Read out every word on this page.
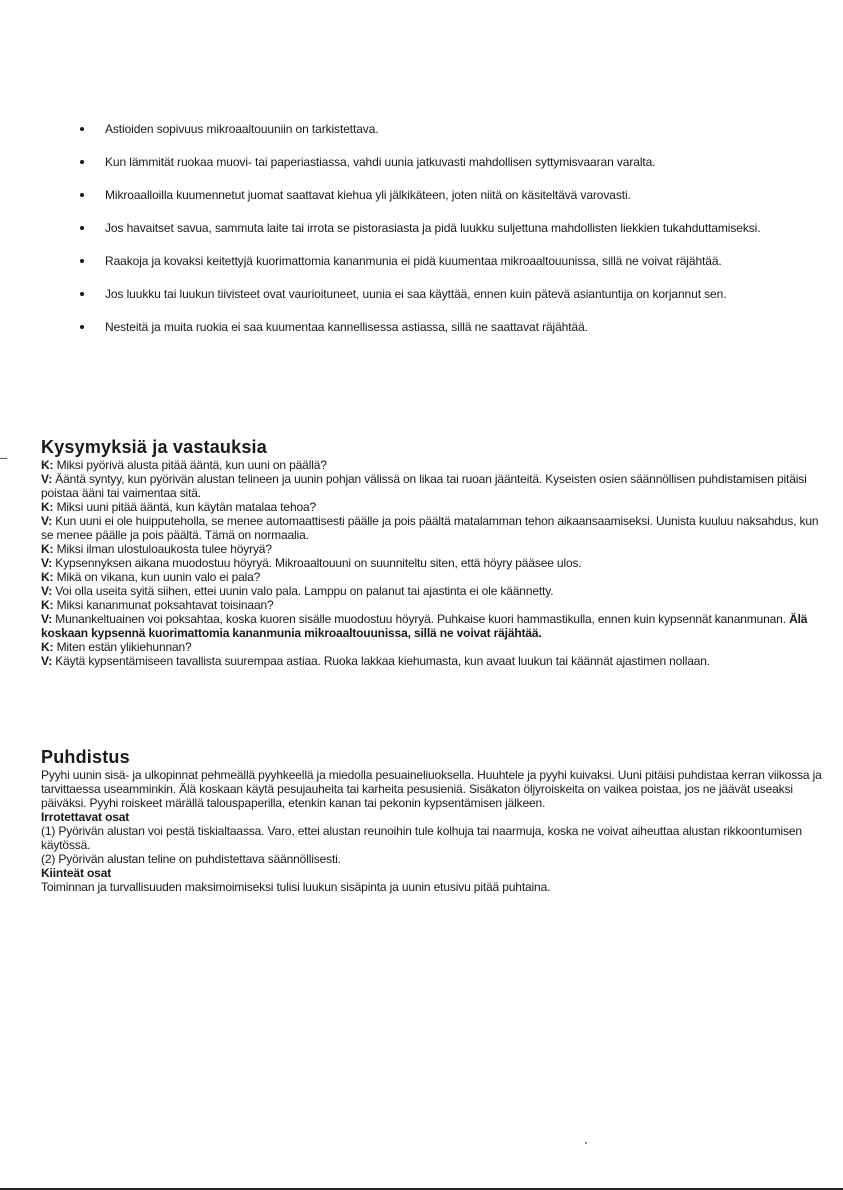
Astioiden sopivuus mikroaaltouuniin on tarkistettava.
Kun lämmität ruokaa muovi- tai paperiastiassa, vahdi uunia jatkuvasti mahdollisen syttymisvaaran varalta.
Mikroaalloilla kuumennetut juomat saattavat kiehua yli jälkikäteen, joten niitä on käsiteltävä varovasti.
Jos havaitset savua, sammuta laite tai irrota se pistorasiasta ja pidä luukku suljettuna mahdollisten liekkien tukahduttamiseksi.
Raakoja ja kovaksi keitettyjä kuorimattomia kananmunia ei pidä kuumentaa mikroaaltouunissa, sillä ne voivat räjähtää.
Jos luukku tai luukun tiivisteet ovat vaurioituneet, uunia ei saa käyttää, ennen kuin pätevä asiantuntija on korjannut sen.
Nesteitä ja muita ruokia ei saa kuumentaa kannellisessa astiassa, sillä ne saattavat räjähtää.
Kysymyksiä ja vastauksia

K: Miksi pyörivä alusta pitää ääntä, kun uuni on päällä?

V: Ääntä syntyy, kun pyörivän alustan telineen ja uunin pohjan välissä on likaa tai ruoan jäänteitä. Kyseisten osien säännöllisen puhdistamisen pitäisi poistaa ääni tai vaimentaa sitä.

K: Miksi uuni pitää ääntä, kun käytän matalaa tehoa?

V: Kun uuni ei ole huipputeholla, se menee automaattisesti päälle ja pois päältä matalamman tehon aikaansaamiseksi. Uunista kuuluu naksahdus, kun se menee päälle ja pois päältä. Tämä on normaalia.

K: Miksi ilman ulostuloaukosta tulee höyryä?

V: Kypsennyksen aikana muodostuu höyryä. Mikroaaltouuni on suunniteltu siten, että höyry pääsee ulos.

K: Mikä on vikana, kun uunin valo ei pala?

V: Voi olla useita syitä siihen, ettei uunin valo pala. Lamppu on palanut tai ajastinta ei ole käännetty.

K: Miksi kananmunat poksahtavat toisinaan?

V: Munankeltuainen voi poksahtaa, koska kuoren sisälle muodostuu höyryä. Puhkaise kuori hammastikulla, ennen kuin kypsennät kananmunan. Älä koskaan kypsennä kuorimattomia kananmunia mikroaaltouunissa, sillä ne voivat räjähtää.

K: Miten estän ylikiehunnan?

V: Käytä kypsentämiseen tavallista suurempaa astiaa. Ruoka lakkaa kiehumasta, kun avaat luukun tai käännät ajastimen nollaan.

Puhdistus

Pyyhi uunin sisä- ja ulkopinnat pehmeällä pyyhkeellä ja miedolla pesuaineliuoksella. Huuhtele ja pyyhi kuivaksi. Uuni pitäisi puhdistaa kerran viikossa ja tarvittaessa useamminkin. Älä koskaan käytä pesujauheita tai karheita pesusieniä. Sisäkaton öljyroiskeita on vaikea poistaa, jos ne jäävät useaksi päiväksi. Pyyhi roiskeet märällä talouspaperilla, etenkin kanan tai pekonin kypsentämisen jälkeen.

Irrotettavat osat

(1) Pyörivän alustan voi pestä tiskialtaassa. Varo, ettei alustan reunoihin tule kolhuja tai naarmuja, koska ne voivat aiheuttaa alustan rikkoontumisen käytössä.

(2) Pyörivän alustan teline on puhdistettava säännöllisesti.

Kiinteät osat

Toiminnan ja turvallisuuden maksimoimiseksi tulisi luukun sisäpinta ja uunin etusivu pitää puhtaina.
